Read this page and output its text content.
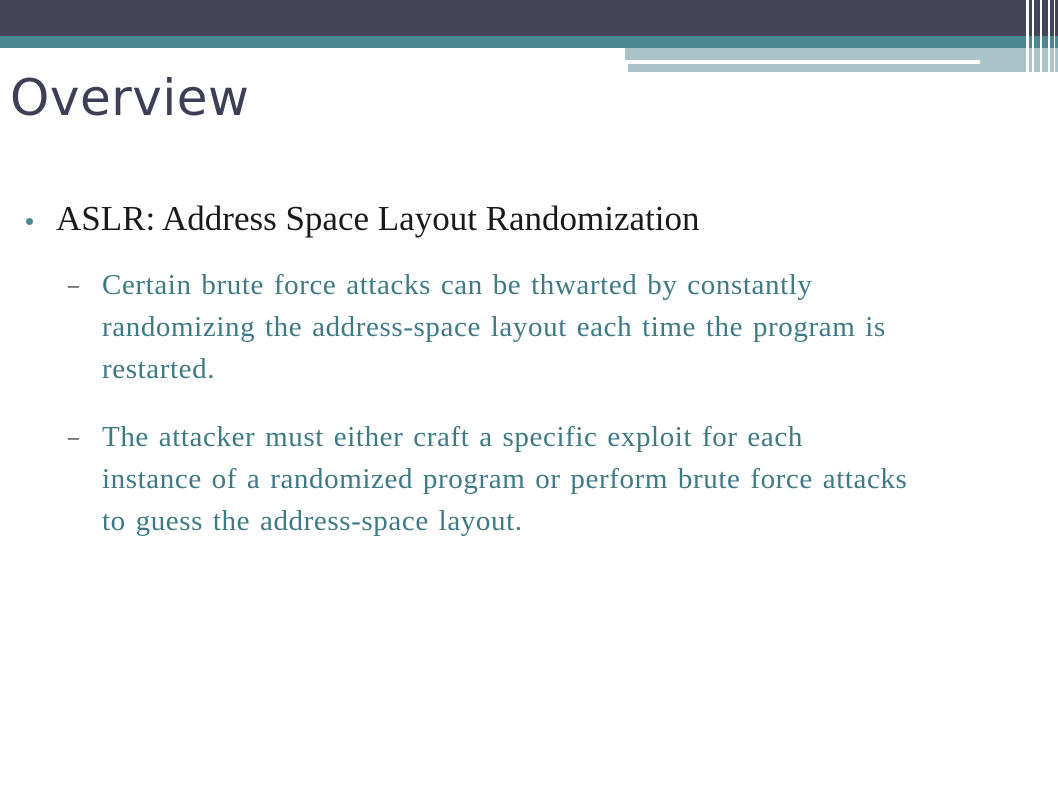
Overview
ASLR: Address Space Layout Randomization
– Certain brute force attacks can be thwarted by constantly randomizing the address-space layout each time the program is restarted.
– The attacker must either craft a specific exploit for each instance of a randomized program or perform brute force attacks to guess the address-space layout.
